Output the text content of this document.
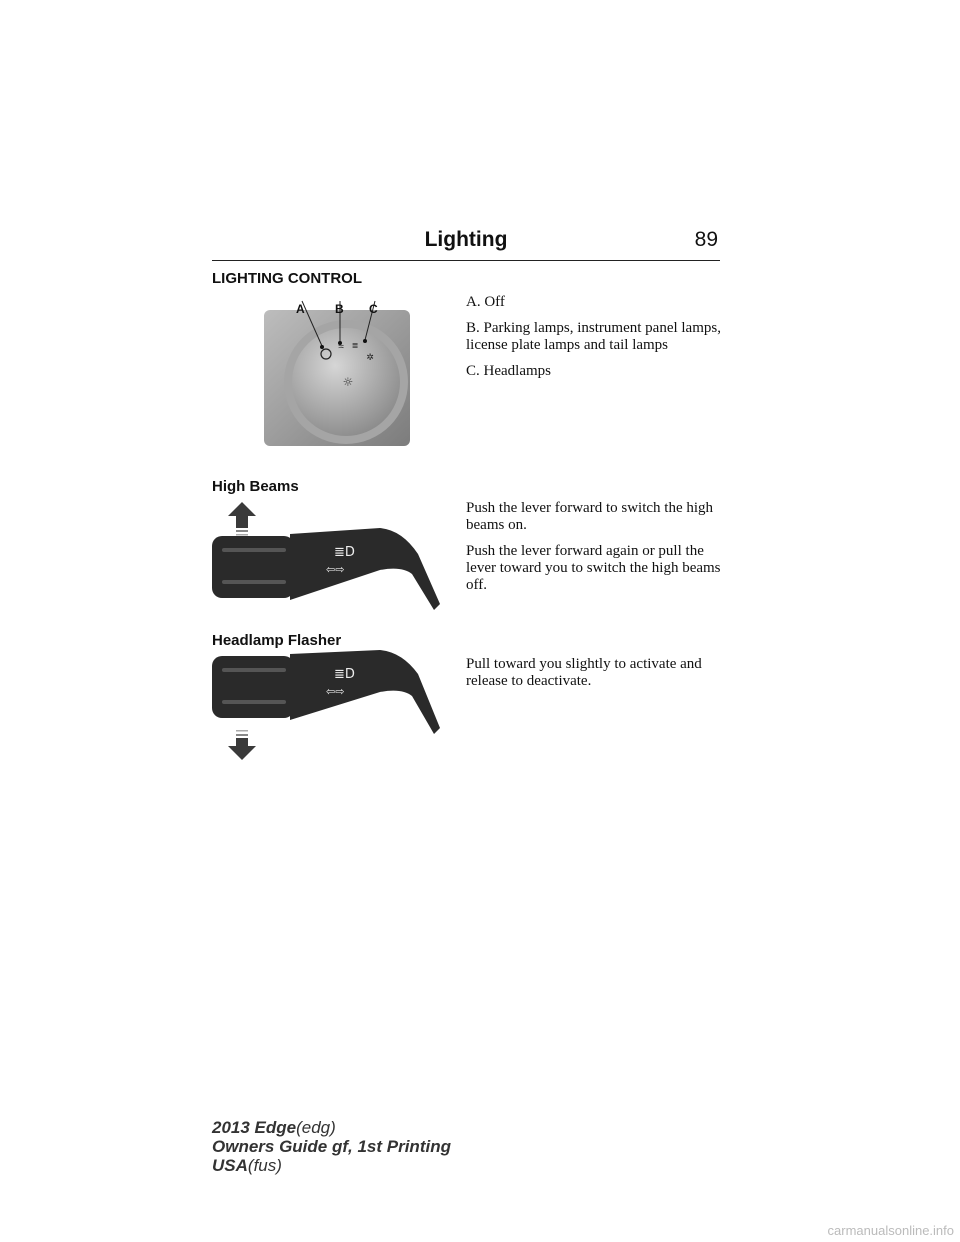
Lighting	89
LIGHTING CONTROL
≍ ≣
✲
☼
A	B C	A. Off

B. Parking lamps, instrument panel lamps, license plate lamps and tail lamps

C. Headlamps

High Beams
≣D
⇦⇨

Push the lever forward to switch the high beams on.

Push the lever forward again or pull the lever toward you to switch the high beams off.

Headlamp Flasher
≣D
⇦⇨

Pull toward you slightly to activate and release to deactivate.

2013 Edge(edg)
Owners Guide gf, 1st Printing
USA(fus)
carmanualsonline.info
